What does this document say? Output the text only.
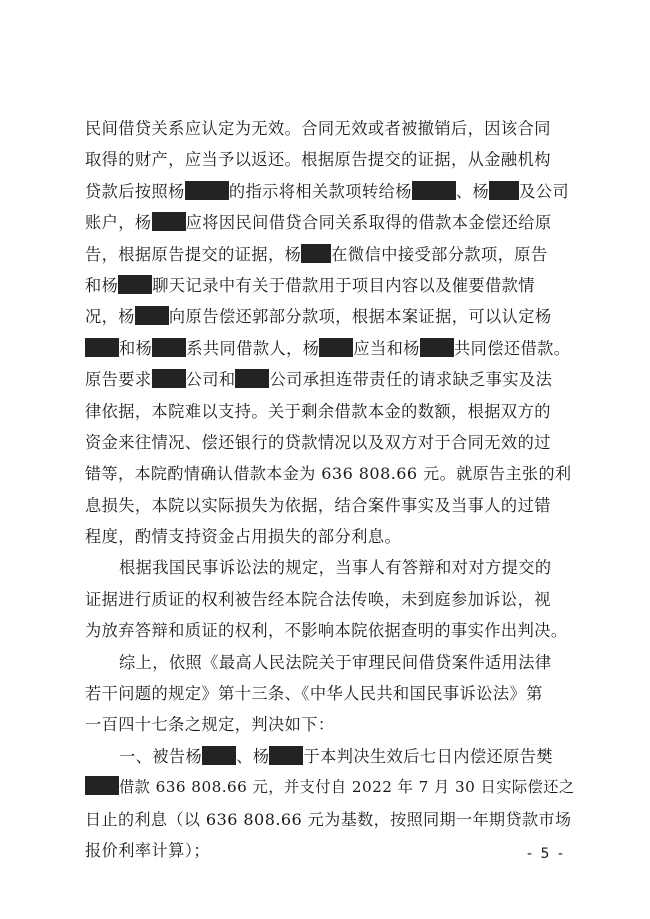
民间借贷关系应认定为无效。合同无效或者被撤销后，因该合同
取得的财产，应当予以返还。根据原告提交的证据，从金融机构
贷款后按照杨	的指示将相关款项转给杨	、杨 及公司
账户，杨 应将因民间借贷合同关系取得的借款本金偿还给原
告，根据原告提交的证据，杨 在微信中接受部分款项，原告
和杨 聊天记录中有关于借款用于项目内容以及催要借款情
况，杨 向原告偿还郭部分款项，根据本案证据，可以认定杨
和杨 系共同借款人，杨 应当和杨 共同偿还借款。
原告要求 公司和 公司承担连带责任的请求缺乏事实及法
律依据，本院难以支持。关于剩余借款本金的数额，根据双方的
资金来往情况、偿还银行的贷款情况以及双方对于合同无效的过
错等，本院酌情确认借款本金为 636 808.66 元。就原告主张的利
息损失，本院以实际损失为依据，结合案件事实及当事人的过错
程度，酌情支持资金占用损失的部分利息。
根据我国民事诉讼法的规定，当事人有答辩和对对方提交的
证据进行质证的权利被告经本院合法传唤，未到庭参加诉讼，视
为放弃答辩和质证的权利，不影响本院依据查明的事实作出判决。
综上，依照《最高人民法院关于审理民间借贷案件适用法律
若干问题的规定》第十三条、《中华人民共和国民事诉讼法》第
一百四十七条之规定，判决如下：
一、被告杨 、杨 于本判决生效后七日内偿还原告樊
借款 636 808.66 元，并支付自 2022 年 7 月 30 日实际偿还之
日止的利息（以 636 808.66 元为基数，按照同期一年期贷款市场
报价利率计算）；	- 5 -
